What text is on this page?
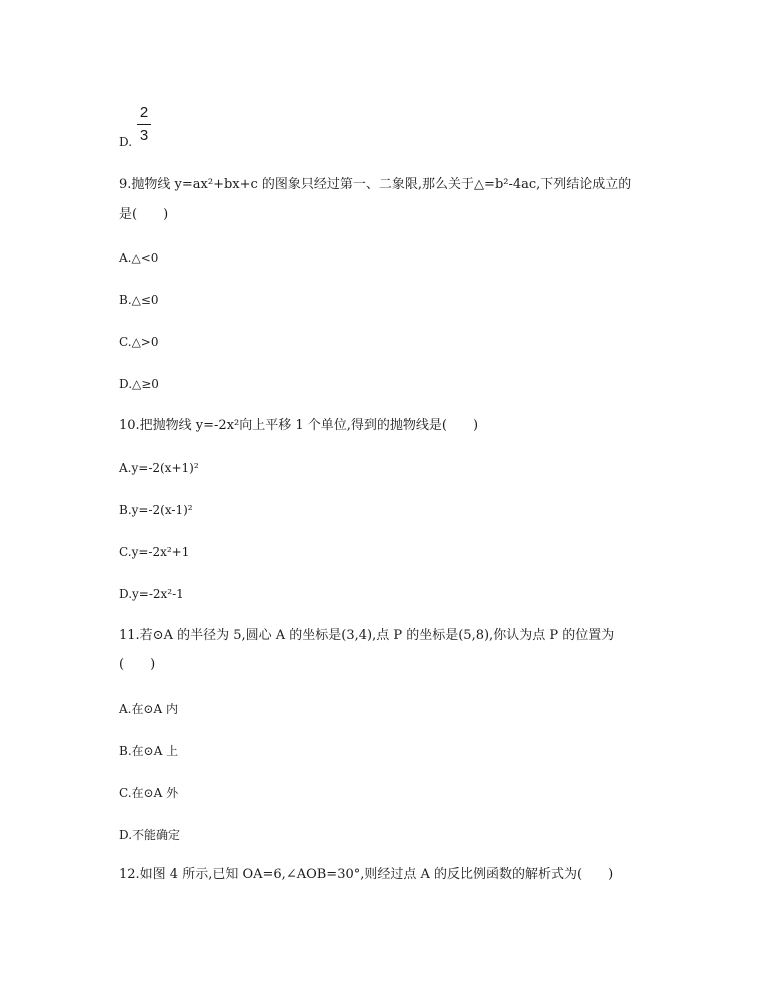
D.
2
3
9.抛物线 y=ax²+bx+c 的图象只经过第一、二象限,那么关于△=b²-4ac,下列结论成立的
是(　　)
A.△<0
B.△≤0
C.△>0
D.△≥0
10.把抛物线 y=-2x²向上平移 1 个单位,得到的抛物线是(　　)
A.y=-2(x+1)²
B.y=-2(x-1)²
C.y=-2x²+1
D.y=-2x²-1
11.若⊙A 的半径为 5,圆心 A 的坐标是(3,4),点 P 的坐标是(5,8),你认为点 P 的位置为
(　　)
A.在⊙A 内
B.在⊙A 上
C.在⊙A 外
D.不能确定
12.如图 4 所示,已知 OA=6,∠AOB=30°,则经过点 A 的反比例函数的解析式为(　　)
